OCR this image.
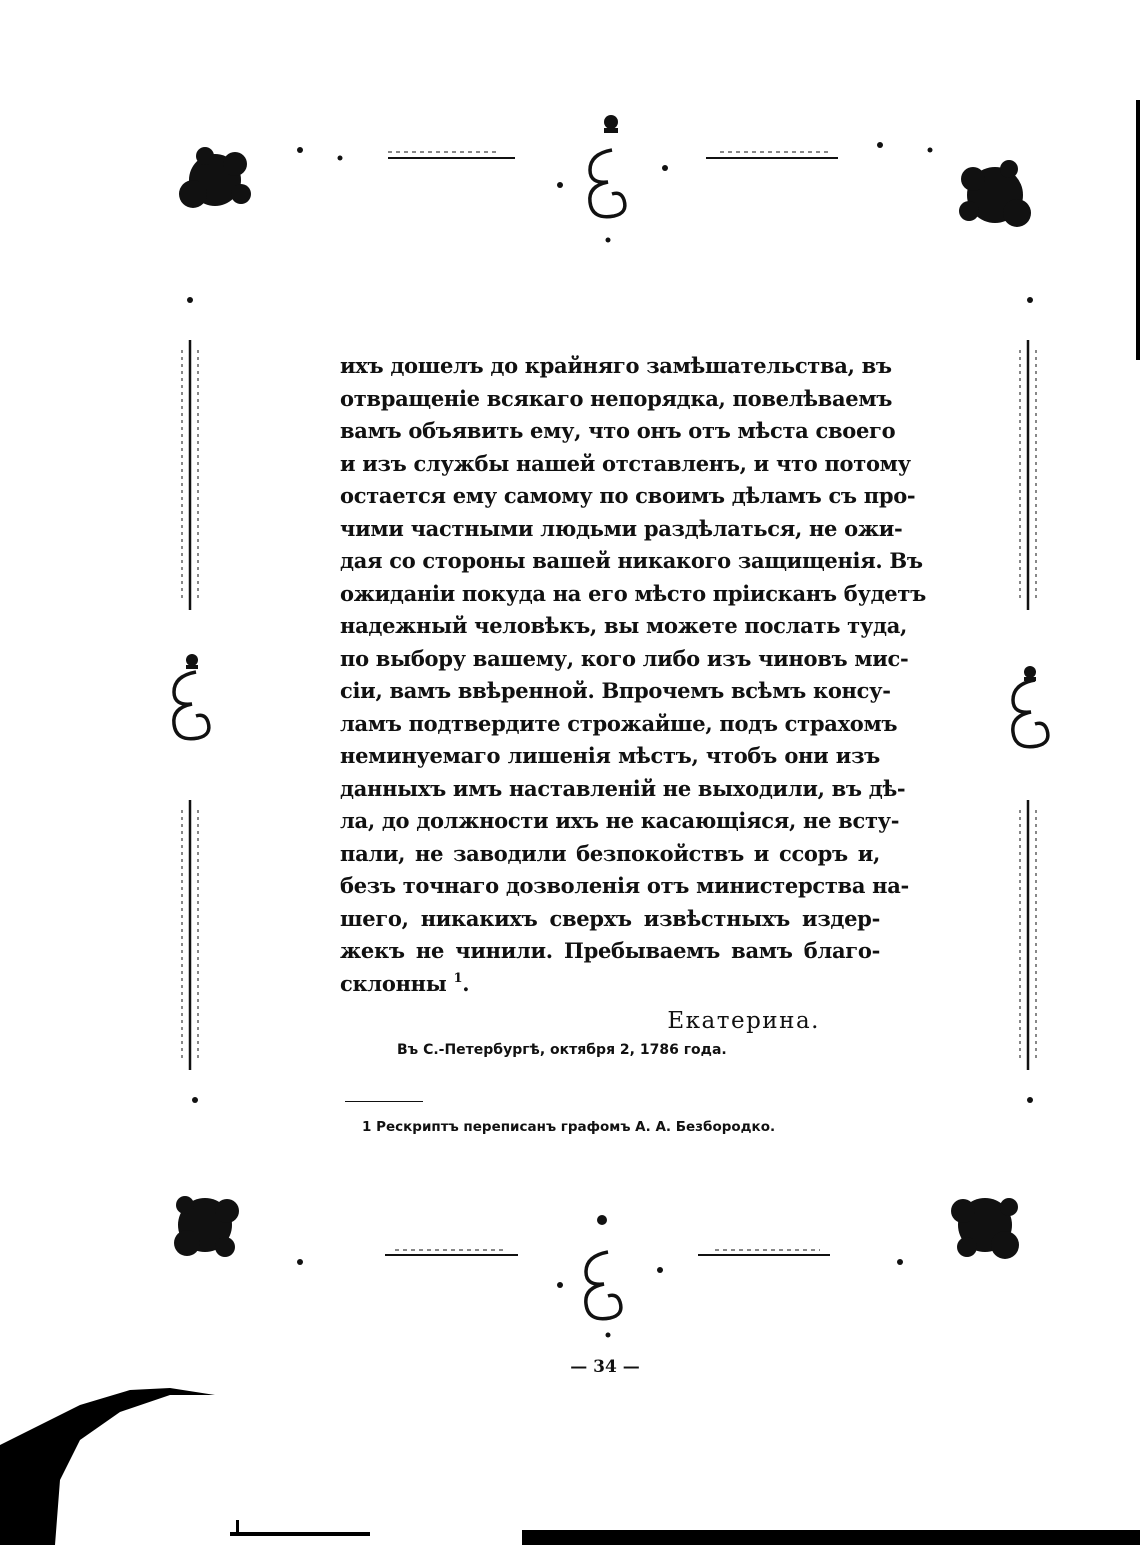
ихъ дошелъ до крайняго замѣшательства, въ
отвращеніе всякаго непорядка, повелѣваемъ
вамъ объявить ему, что онъ отъ мѣста своего
и изъ службы нашей отставленъ, и что потому
остается ему самому по своимъ дѣламъ съ про-
чими частными людьми раздѣлаться, не ожи-
дая со стороны вашей никакого защищенія. Въ
ожиданіи покуда на его мѣсто пріисканъ будетъ
надежный человѣкъ, вы можете послать туда,
по выбору вашему, кого либо изъ чиновъ мис-
сіи, вамъ ввѣренной. Впрочемъ всѣмъ консу-
ламъ подтвердите строжайше, подъ страхомъ
неминуемаго лишенія мѣстъ, чтобъ они изъ
данныхъ имъ наставленій не выходили, въ дѣ-
ла, до должности ихъ не касающіяся, не всту-
пали, не заводили безпокойствъ и ссоръ и,
безъ точнаго дозволенія отъ министерства на-
шего, никакихъ сверхъ извѣстныхъ издер-
жекъ не чинили. Пребываемъ вамъ благо-
склонны $^1$.
Екатерина.
Въ С.-Петербургѣ, октября 2, 1786 года.
1 Рескриптъ переписанъ графомъ А. А. Безбородко.
— 34 —
